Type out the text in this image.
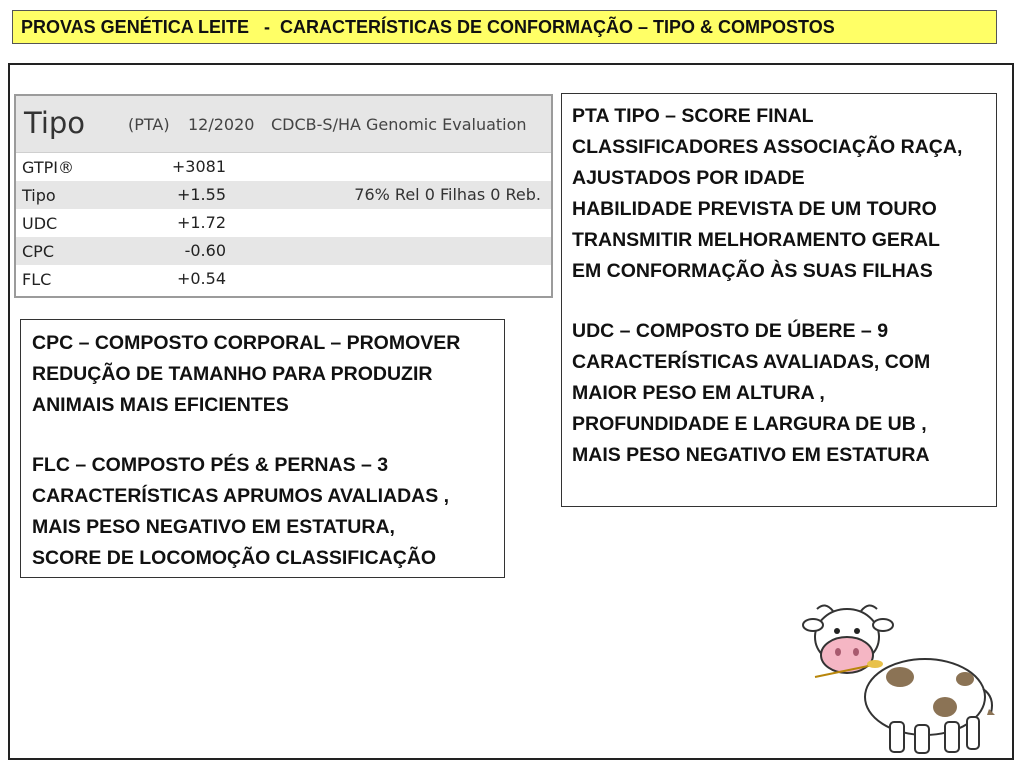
PROVAS GENÉTICA LEITE   -  CARACTERÍSTICAS DE CONFORMAÇÃO – TIPO & COMPOSTOS
Tipo	(PTA) 12/2020 CDCB-S/HA Genomic Evaluation
GTPI®	+3081
Tipo	+1.55	76% Rel 0 Filhas 0 Reb.
UDC	+1.72
CPC	-0.60
FLC	+0.54

CPC – COMPOSTO CORPORAL – PROMOVER

REDUÇÃO DE TAMANHO PARA PRODUZIR

ANIMAIS MAIS EFICIENTES

FLC – COMPOSTO PÉS & PERNAS – 3

CARACTERÍSTICAS APRUMOS AVALIADAS ,

MAIS PESO NEGATIVO EM ESTATURA,

SCORE DE LOCOMOÇÃO CLASSIFICAÇÃO

PTA TIPO – SCORE FINAL

CLASSIFICADORES ASSOCIAÇÃO RAÇA,

AJUSTADOS POR IDADE

HABILIDADE PREVISTA DE UM TOURO

TRANSMITIR MELHORAMENTO GERAL

EM CONFORMAÇÃO ÀS SUAS FILHAS

UDC – COMPOSTO DE ÚBERE – 9

CARACTERÍSTICAS AVALIADAS, COM

MAIOR PESO EM ALTURA ,

PROFUNDIDADE E LARGURA DE UB ,

MAIS PESO NEGATIVO EM ESTATURA
